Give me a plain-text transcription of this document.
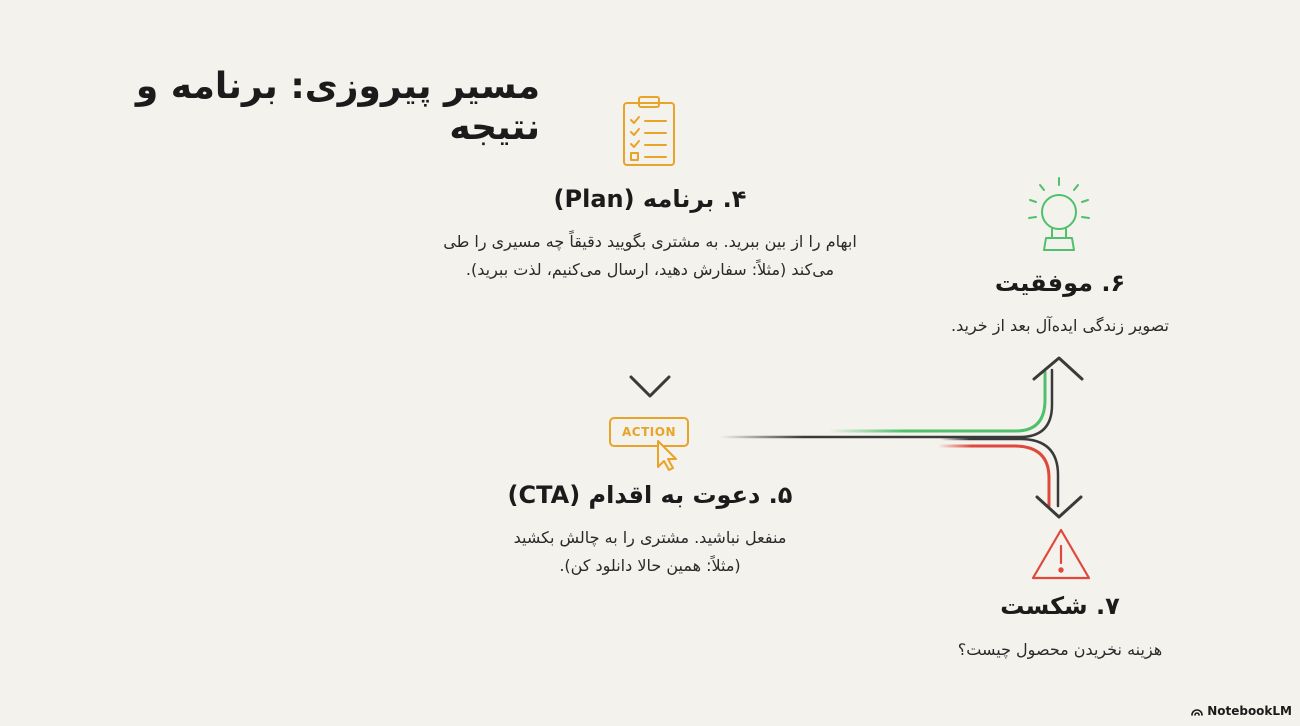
مسیر پیروزی: برنامه و نتیجه
۴. برنامه (Plan)
ابهام را از بین ببرید. به مشتری بگویید دقیقاً چه مسیری را طی
می‌کند (مثلاً: سفارش دهید، ارسال می‌کنیم، لذت ببرید).
ACTION
۵. دعوت به اقدام (CTA)
منفعل نباشید. مشتری را به چالش بکشید
(مثلاً: همین حالا دانلود کن).
۶. موفقیت
تصویر زندگی ایده‌آل بعد از خرید.
۷. شکست
هزینه نخریدن محصول چیست؟
NotebookLM
